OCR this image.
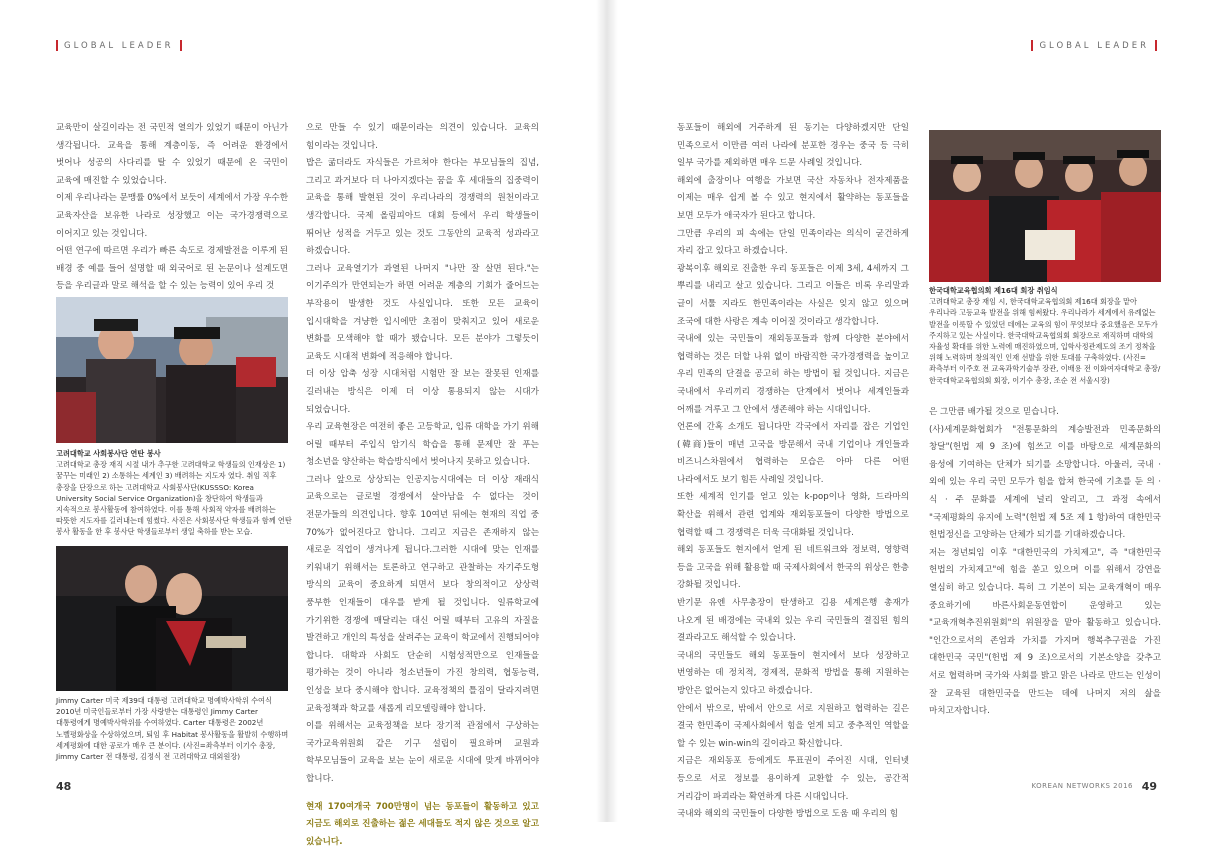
GLOBAL LEADER	GLOBAL LEADER

교육만이 살길이라는 전 국민적 열의가 있었기 때문이 아닌가 생각됩니다. 교육을 통해 계층이동, 즉 어려운 환경에서 벗어나 성공의 사다리를 탈 수 있었기 때문에 온 국민이 교육에 매진할 수 있었습니다.

이제 우리나라는 문맹률 0%에서 보듯이 세계에서 가장 우수한 교육자산을 보유한 나라로 성장했고 이는 국가경쟁력으로 이어지고 있는 것입니다.

어떤 연구에 따르면 우리가 빠른 속도로 경제발전을 이루게 된 배경 중 예를 들어 설명할 때 외국어로 된 논문이나 설계도면 등을 우리글과 말로 해석을 할 수 있는 능력이 있어 우리 것

고려대학교 사회봉사단 연탄 봉사
고려대학교 총장 재직 시절 내가 추구한 고려대학교 학생들의 인재상은 1) 꿈꾸는 미래인 2) 소통하는 세계인 3) 배려하는 지도자 였다. 취임 직후 총장을 단장으로 하는 고려대학교 사회봉사단(KUSSSO: Korea University Social Service Organization)을 창단하여 학생들과 지속적으로 봉사활동에 참여하였다. 이를 통해 사회적 약자를 배려하는 따뜻한 지도자를 길러내는데 힘썼다. 사진은 사회봉사단 학생들과 함께 연탄 봉사 활동을 한 후 봉사단 학생들로부터 생일 축하를 받는 모습.
Jimmy Carter 미국 제39대 대통령 고려대학교 명예박사학위 수여식 2010년 미국인들로부터 가장 사랑받는 대통령인 Jimmy Carter 대통령에게 명예박사학위를 수여하였다. Carter 대통령은 2002년 노벨평화상을 수상하였으며, 퇴임 후 Habitat 봉사활동을 활발히 수행하며 세계평화에 대한 공로가 매우 큰 분이다. (사진=좌측부터 이기수 총장, Jimmy Carter 전 대통령, 김정식 전 고려대학교 대외원장)

으로 만들 수 있기 때문이라는 의견이 있습니다. 교육의 힘이라는 것입니다.

밥은 굶더라도 자식들은 가르쳐야 한다는 부모님들의 집념, 그리고 과거보다 더 나아지겠다는 꿈을 후 세대들의 집중력이 교육을 통해 발현된 것이 우리나라의 경쟁력의 원천이라고 생각합니다. 국제 올림피아드 대회 등에서 우리 학생들이 뛰어난 성적을 거두고 있는 것도 그동안의 교육적 성과라고 하겠습니다.

그러나 교육열기가 과열된 나머지 "나만 잘 살면 된다."는 이기주의가 만연되는가 하면 어려운 계층의 기회가 줄어드는 부작용이 발생한 것도 사실입니다. 또한 모든 교육이 입시대학을 겨냥한 입시에만 초점이 맞춰지고 있어 새로운 변화를 모색해야 할 때가 됐습니다. 모든 분야가 그렇듯이 교육도 시대적 변화에 적응해야 합니다.

더 이상 압축 성장 시대처럼 시험만 잘 보는 잘못된 인재를 길러내는 방식은 이제 더 이상 통용되지 않는 시대가 되었습니다.

우리 교육현장은 여전히 좋은 고등학교, 입류 대학을 가기 위해 어릴 때부터 주입식 암기식 학습을 통해 문제만 잘 푸는 청소년을 양산하는 학습방식에서 벗어나지 못하고 있습니다.

그러나 앞으로 상상되는 인공지능시대에는 더 이상 재래식 교육으로는 글로벌 경쟁에서 살아남을 수 없다는 것이 전문가들의 의견입니다. 향후 10여년 뒤에는 현재의 직업 중 70%가 없어진다고 합니다. 그리고 지금은 존재하지 않는 새로운 직업이 생겨나게 됩니다.그러한 시대에 맞는 인재를 키워내기 위해서는 토론하고 연구하고 관찰하는 자기주도형 방식의 교육이 중요하게 되면서 보다 창의적이고 상상력 풍부한 인재들이 대우를 받게 될 것입니다. 일류학교에 가기위한 경쟁에 매달리는 대신 어릴 때부터 고유의 자질을 발견하고 개인의 특성을 살려주는 교육이 학교에서 진행되어야 합니다. 대학과 사회도 단순히 시험성적만으로 인재들을 평가하는 것이 아니라 청소년들이 가진 창의력, 협동능력, 인성을 보다 중시해야 합니다. 교육정책의 틀짐이 달라지려면 교육정책과 학교를 새롭게 리모델링해야 합니다.

이를 위해서는 교육정책을 보다 장기적 관점에서 구상하는 국가교육위원회 같은 기구 설립이 필요하며 교원과 학부모님들이 교육을 보는 눈이 새로운 시대에 맞게 바뀌어야 합니다.

현재 170여개국 700만명이 넘는 동포들이 활동하고 있고 지금도 해외로 진출하는 젊은 세대들도 적지 않은 것으로 알고 있습니다.

동포들이 해외에 거주하게 된 동기는 다양하겠지만 단일 민족으로서 이만큼 여러 나라에 분포한 경우는 중국 등 극히 일부 국가를 제외하면 매우 드문 사례일 것입니다.

해외에 출장이나 여행을 가보면 국산 자동차나 전자제품을 이제는 매우 쉽게 볼 수 있고 현지에서 활약하는 동포들을 보면 모두가 애국자가 된다고 합니다.

그만큼 우리의 피 속에는 단일 민족이라는 의식이 굳건하게 자리 잡고 있다고 하겠습니다.

광복이후 해외로 진출한 우리 동포들은 이제 3세, 4세까지 그 뿌리를 내리고 살고 있습니다. 그리고 이들은 비록 우리말과 글이 서툴 지라도 한민족이라는 사실은 잊지 않고 있으며 조국에 대한 사랑은 계속 이어질 것이라고 생각합니다.

국내에 있는 국민들이 재외동포들과 함께 다양한 분야에서 협력하는 것은 더할 나위 없이 바람직한 국가경쟁력을 높이고 우리 민족의 단결을 공고히 하는 방법이 될 것입니다. 지금은 국내에서 우리끼리 경쟁하는 단계에서 벗어나 세계인들과 어깨를 겨루고 그 안에서 생존해야 하는 시대입니다.

언론에 간혹 소개도 됩니다만 각국에서 자리를 잡은 기업인(韓商)들이 매년 고국을 방문해서 국내 기업이나 개인들과 비즈니스차원에서 협력하는 모습은 아마 다른 어떤 나라에서도 보기 힘든 사례일 것입니다.

또한 세계적 인기를 얻고 있는 k-pop이나 영화, 드라마의 확산을 위해서 관련 업계와 재외동포들이 다양한 방법으로 협력할 때 그 경쟁력은 더욱 극대화될 것입니다.

해외 동포들도 현지에서 얻게 된 네트워크와 정보력, 영향력 등을 고국을 위해 활용할 때 국제사회에서 한국의 위상은 한층 강화될 것입니다.

반기문 유엔 사무총장이 탄생하고 김용 세계은행 총재가 나오게 된 배경에는 국내외 있는 우리 국민들의 결집된 힘의 결과라고도 해석할 수 있습니다.

국내의 국민들도 해외 동포들이 현지에서 보다 성장하고 번영하는 데 정치적, 경제적, 문화적 방법을 통해 지원하는 방안은 없어는지 있다고 하겠습니다.

안에서 밖으로, 밖에서 안으로 서로 지원하고 협력하는 길은 결국 한민족이 국제사회에서 힘을 얻게 되고 중추적인 역할을 할 수 있는 win-win의 길이라고 확신합니다.

지금은 재외동포 등에게도 투표권이 주어진 시대, 인터넷 등으로 서로 정보를 용이하게 교환할 수 있는, 공간적 거리감이 파괴라는 확연하게 다른 시대입니다.

국내와 해외의 국민들이 다양한 방법으로 도움 때 우리의 힘

한국대학교육협의회 제16대 회장 취임식
고려대학교 총장 재임 시, 한국대학교육협의회 제16대 회장을 맡아 우리나라 고등교육 발전을 위해 힘써왔다. 우리나라가 세계에서 유례없는 발전을 이룩할 수 있었던 데에는 교육의 힘이 무엇보다 중요했음은 모두가 주지하고 있는 사실이다. 한국대학교육협의회 회장으로 재직하며 대학의 자율성 확대를 위한 노력에 매진하였으며, 입학사정관제도의 조기 정착을 위해 노력하며 창의적인 인재 선발을 위한 토대를 구축하였다. (사진=좌측부터 이주호 전 교육과학기술부 장관, 이배용 전 이화여자대학교 총장/ 한국대학교육협의회 회장, 이기수 총장, 조순 전 서울시장)

은 그만큼 배가될 것으로 믿습니다.

(사)세계문화협회가 "전통문화의 계승발전과 민족문화의 창달"(헌법 제 9 조)에 힘쓰고 이를 바탕으로 세계문화의 융성에 기여하는 단체가 되기를 소망합니다. 아울러, 국내 · 외에 있는 우리 국민 모두가 힘을 합쳐 한국에 기초를 둔 의 · 식 · 주 문화를 세계에 널리 알리고, 그 과정 속에서 "국제평화의 유지에 노력"(헌법 제 5조 제 1 항)하여 대한민국 헌법정신을 고양하는 단체가 되기를 기대하겠습니다.

저는 정년퇴임 이후 "대한민국의 가치제고", 즉 "대한민국 헌법의 가치제고"에 힘을 쏟고 있으며 이를 위해서 강연을 열심히 하고 있습니다. 특히 그 기본이 되는 교육개혁이 매우 중요하기에 바른사회운동연합이 운영하고 있는 "교육개혁추진위원회"의 위원장을 맡아 활동하고 있습니다. "인간으로서의 존엄과 가치를 가지며 행복추구권을 가진 대한민국 국민"(헌법 제 9 조)으로서의 기본소양을 갖추고 서로 협력하며 국가와 사회를 밝고 맑은 나라로 만드는 인성이 잘 교육된 대한민국을 만드는 데에 나머지 저의 삶을 마치고자합니다.

48	KOREAN NETWORKS 2016 49
